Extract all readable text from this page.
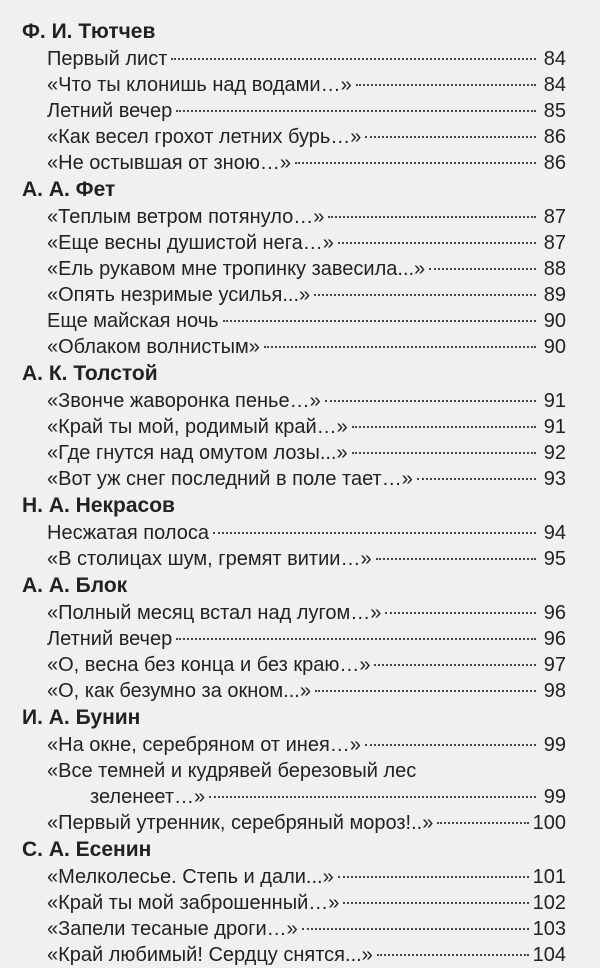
Ф. И. Тютчев
Первый лист	84
«Что ты клонишь над водами…»	84
Летний вечер	85
«Как весел грохот летних бурь…»	86
«Не остывшая от зною…»	86
А. А. Фет
«Теплым ветром потянуло…»	87
«Еще весны душистой нега…»	87
«Ель рукавом мне тропинку завесила...»	88
«Опять незримые усилья...»	89
Еще майская ночь	90
«Облаком волнистым»	90
А. К. Толстой
«Звонче жаворонка пенье…»	91
«Край ты мой, родимый край…»	91
«Где гнутся над омутом лозы...»	92
«Вот уж снег последний в поле тает…»	93
Н. А. Некрасов
Несжатая полоса	94
«В столицах шум, гремят витии…»	95
А. А. Блок
«Полный месяц встал над лугом…»	96
Летний вечер	96
«О, весна без конца и без краю…»	97
«О, как безумно за окном...»	98
И. А. Бунин
«На окне, серебряном от инея…»	99
«Все темней и кудрявей березовый лес
зеленеет…»	99
«Первый утренник, серебряный мороз!..»	100
С. А. Есенин
«Мелколесье. Степь и дали...»	101
«Край ты мой заброшенный…»	102
«Запели тесаные дроги…»	103
«Край любимый! Сердцу снятся...»	104
